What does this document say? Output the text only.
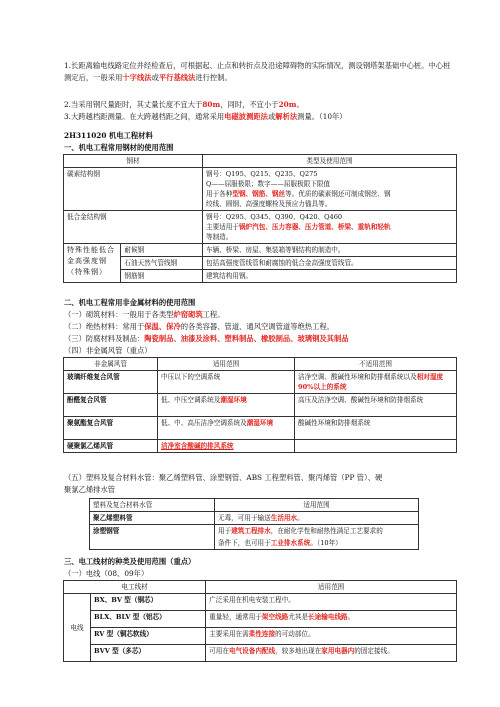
1.长距离输电线路定位并经检查后，可根据起、止点和转折点及沿途障碍物的实际情况，测设钢塔架基础中心桩。中心桩测定后，一般采用十字线法或平行基线法进行控制。
2.当采用钢尺量距时，其丈量长度不宜大于80m，同时，不宜小于20m。
3.大跨越档距测量。在大跨越档距之间，通常采用电磁波测距法或解析法测量。（10年）
2H311020 机电工程材料
一、机电工程常用钢材的使用范围
钢材		类型及使用范围
碳素结构钢		钢号：Q195、Q215、Q235、Q275
Q——屈服极限；数字——屈服极限下限值
用于各种型钢、钢筋、钢丝等。优质的碳素钢还可制成钢丝、钢
绞线、圆钢、高强度螺栓及预应力锚具等。

低合金结构钢		钢号：Q295、Q345、Q390、Q420、Q460
主要适用于锅炉汽包、压力容器、压力管道、桥梁、重轨和轻轨
等制造。

特殊性能低合金高强度钢（特殊钢）	耐候钢	车辆、桥梁、房屋、集装箱等钢结构的制造中。
	石油天然气管线钢	包括高强度管线管和耐腐蚀的低合金高强度管线管。
	钢筋钢	建筑结构用钢。
二、机电工程常用非金属材料的使用范围
（一）砌筑材料：一般用于各类型炉窑砌筑工程。
（二）绝热材料：常用于保温、保冷的各类容器、管道、通风空调管道等绝热工程。
（三）防腐材料及制品：陶瓷制品、油漆及涂料、塑料制品、橡胶制品、玻璃钢及其制品
（四）非金属风管（重点）
非金属风管	适用范围	不适用范围
玻璃纤维复合风管	中压以下的空调系统	洁净空调、酸碱性环境和防排烟系统以及相对湿度 90%以上的系统
酚醛复合风管	低、中压空调系统及潮湿环境	高压及洁净空调、酸碱性环境和防排烟系统
聚氨酯复合风管	低、中、高压洁净空调系统及潮湿环境	酸碱性环境和防排烟系统
硬聚氯乙烯风管	洁净室含酸碱的排风系统	
（五）塑料及复合材料水管：聚乙烯塑料管、涂塑钢管、ABS 工程塑料管、聚丙烯管（PP 管）、硬
聚氯乙烯排水管
塑料及复合材料水管	适用范围
聚乙烯塑料管	无毒，可用于输送生活用水。
涂塑钢管	用于建筑工程排水，在耐化学性和耐热性满足工艺要求的
	条件下，也可用于工业排水系统。（10年）
三、电工线材的种类及使用范围（重点）
（一）电线（08、09年）
电工线材		适用范围
电线	BX、BV 型（铜芯）	广泛采用在机电安装工程中。
	BLX、BLV 型（铝芯）	重量轻，通常用于架空线路尤其是长途输电线路。
	RV 型（铜芯软线）	主要采用在需柔性连接的可动部位。
	BVV 型（多芯）	可用在电气设备内配线，较多地出现在家用电器内的固定接线。
